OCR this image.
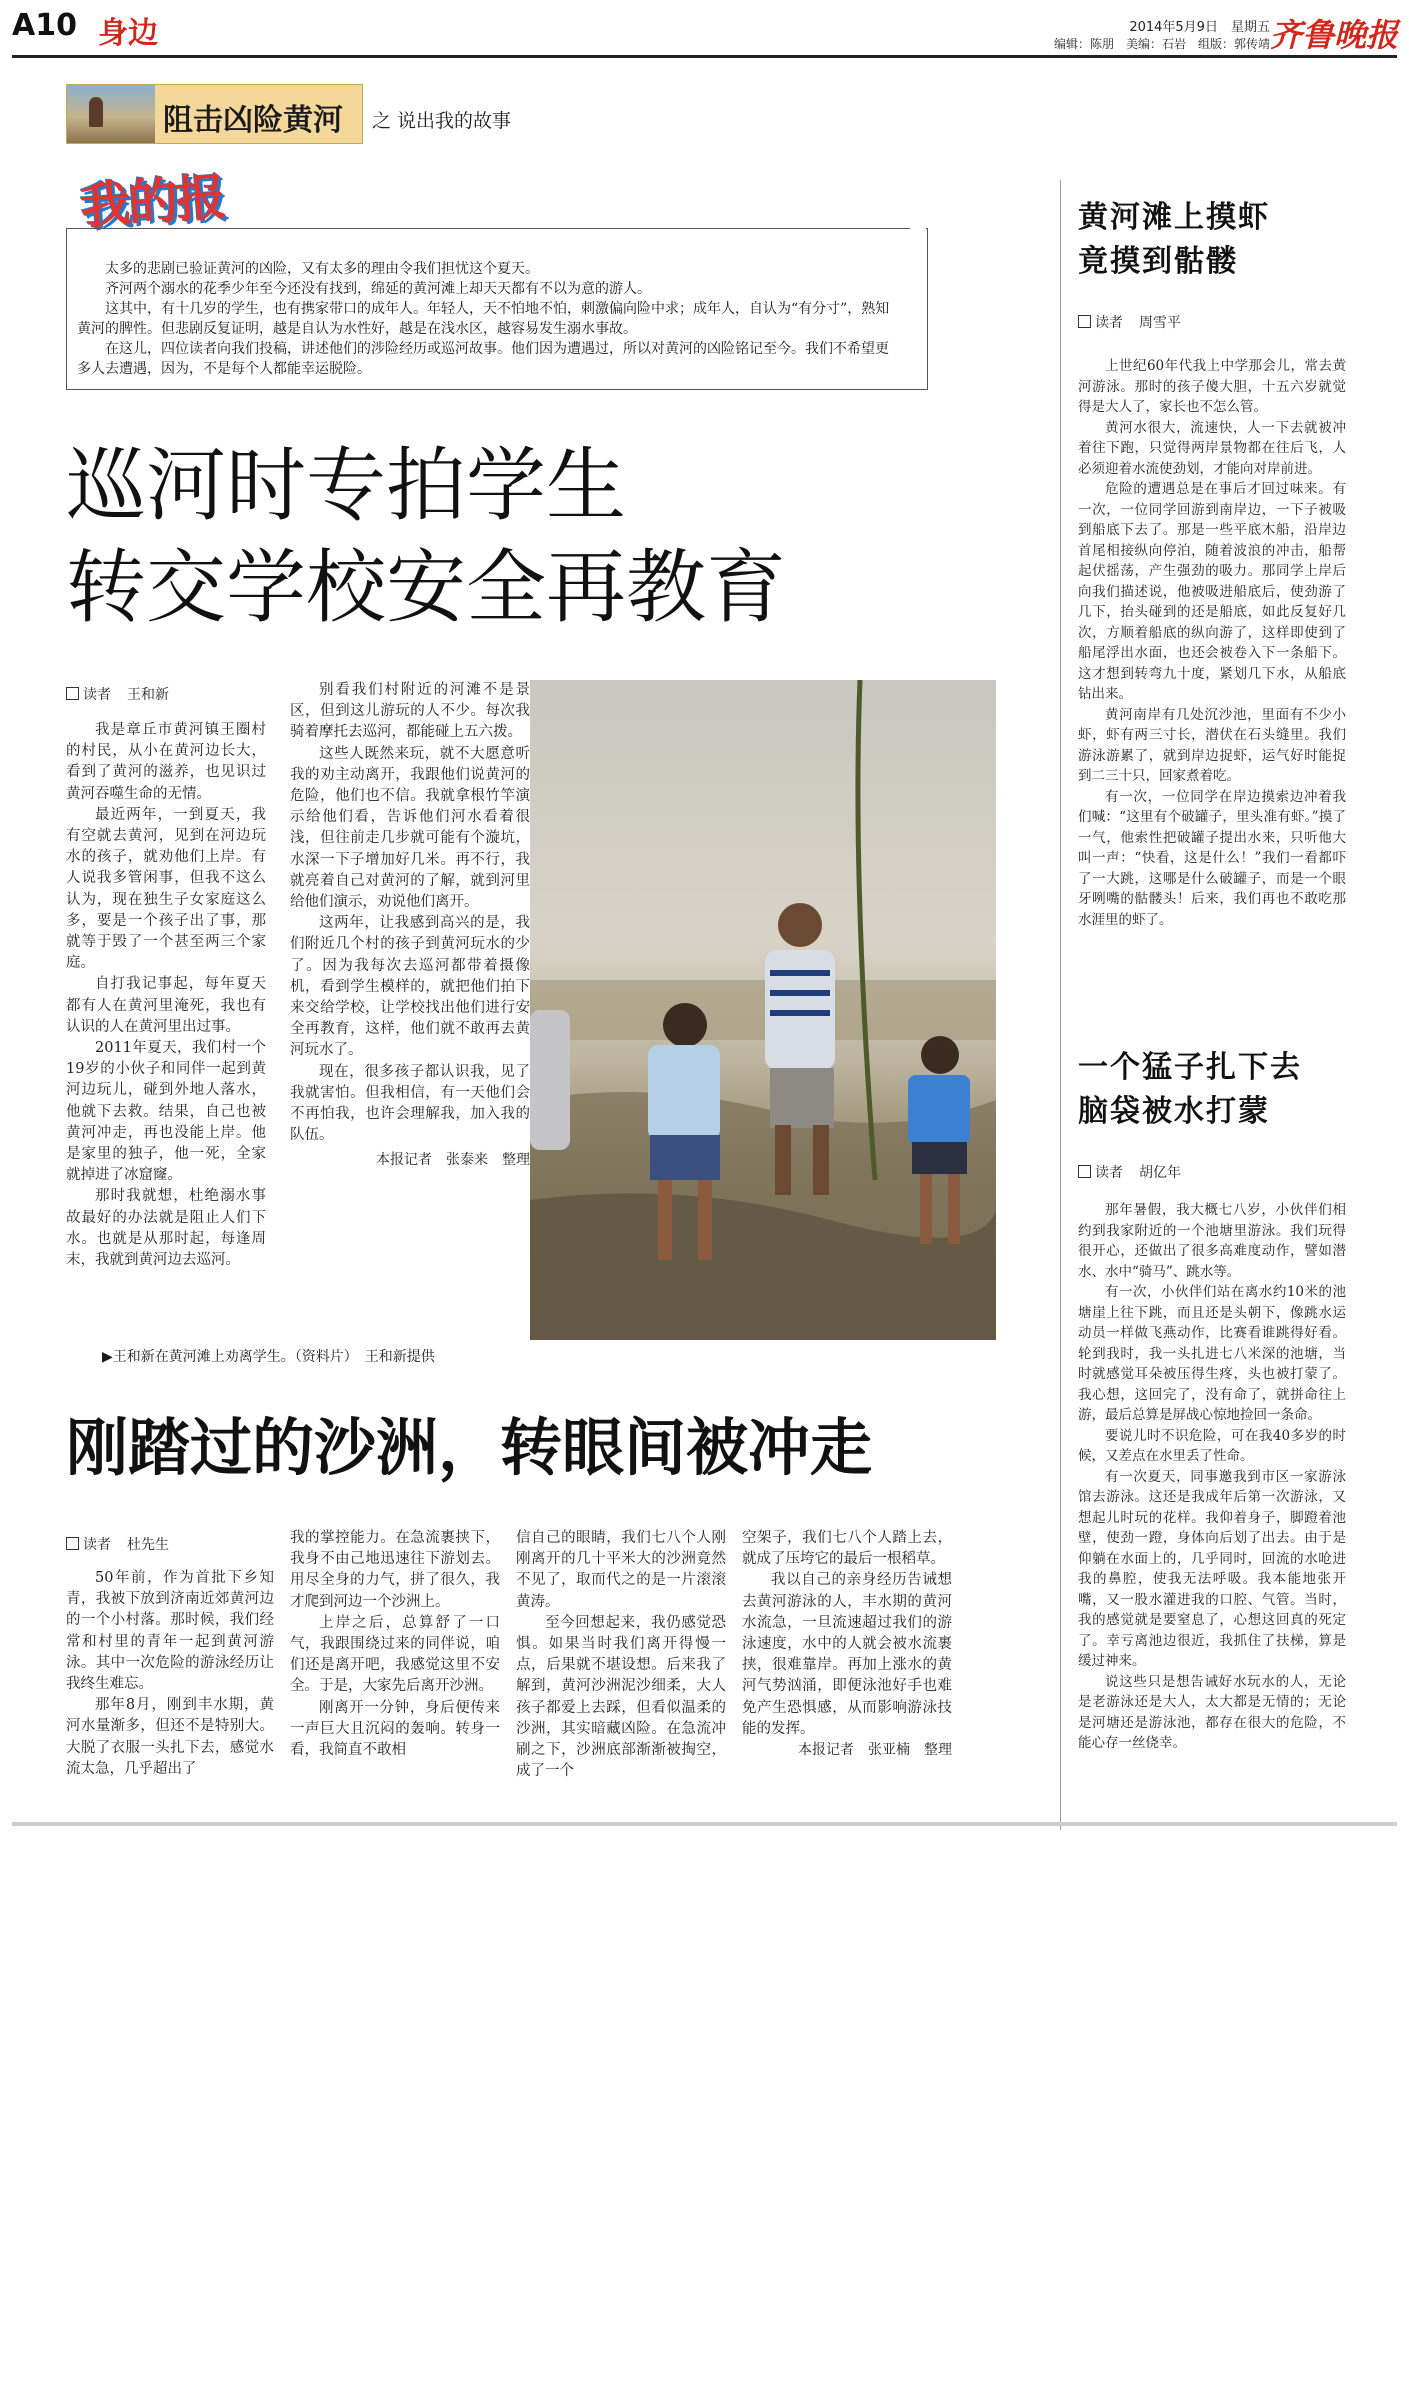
A10 身边	2014年5月9日　 星期五
编辑：陈朋　美编：石岩　组版：郭传靖 齐鲁晚报
阻击凶险黄河 之 说出我的故事
我的报

太多的悲剧已验证黄河的凶险，又有太多的理由令我们担忧这个夏天。

齐河两个溺水的花季少年至今还没有找到，绵延的黄河滩上却天天都有不以为意的游人。

这其中，有十几岁的学生，也有携家带口的成年人。年轻人，天不怕地不怕，刺激偏向险中求；成年人，自认为“有分寸”，熟知黄河的脾性。但悲剧反复证明，越是自认为水性好，越是在浅水区，越容易发生溺水事故。

在这儿，四位读者向我们投稿，讲述他们的涉险经历或巡河故事。他们因为遭遇过，所以对黄河的凶险铭记至今。我们不希望更多人去遭遇，因为，不是每个人都能幸运脱险。

巡河时专拍学生
转交学校安全再教育
读者 王和新

我是章丘市黄河镇王圈村的村民，从小在黄河边长大，看到了黄河的滋养，也见识过黄河吞噬生命的无情。

最近两年，一到夏天，我有空就去黄河，见到在河边玩水的孩子，就劝他们上岸。有人说我多管闲事，但我不这么认为，现在独生子女家庭这么多，要是一个孩子出了事，那就等于毁了一个甚至两三个家庭。

自打我记事起，每年夏天都有人在黄河里淹死，我也有认识的人在黄河里出过事。

2011年夏天，我们村一个19岁的小伙子和同伴一起到黄河边玩儿，碰到外地人落水，他就下去救。结果，自己也被黄河冲走，再也没能上岸。他是家里的独子，他一死，全家就掉进了冰窟窿。

那时我就想，杜绝溺水事故最好的办法就是阻止人们下水。也就是从那时起，每逢周末，我就到黄河边去巡河。

别看我们村附近的河滩不是景区，但到这儿游玩的人不少。每次我骑着摩托去巡河，都能碰上五六拨。

这些人既然来玩，就不大愿意听我的劝主动离开，我跟他们说黄河的危险，他们也不信。我就拿根竹竿演示给他们看，告诉他们河水看着很浅，但往前走几步就可能有个漩坑，水深一下子增加好几米。再不行，我就亮着自己对黄河的了解，就到河里给他们演示，劝说他们离开。

这两年，让我感到高兴的是，我们附近几个村的孩子到黄河玩水的少了。因为我每次去巡河都带着摄像机，看到学生模样的，就把他们拍下来交给学校，让学校找出他们进行安全再教育，这样，他们就不敢再去黄河玩水了。

现在，很多孩子都认识我，见了我就害怕。但我相信，有一天他们会不再怕我，也许会理解我，加入我的队伍。

本报记者　张泰来　整理
▶王和新在黄河滩上劝离学生。（资料片）　王和新提供
刚踏过的沙洲，转眼间被冲走
读者 杜先生

50年前，作为首批下乡知青，我被下放到济南近郊黄河边的一个小村落。那时候，我们经常和村里的青年一起到黄河游泳。其中一次危险的游泳经历让我终生难忘。

那年8月，刚到丰水期，黄河水量渐多，但还不是特别大。大脱了衣服一头扎下去，感觉水流太急，几乎超出了

我的掌控能力。在急流裹挟下，我身不由己地迅速往下游划去。用尽全身的力气，拼了很久，我才爬到河边一个沙洲上。

上岸之后，总算舒了一口气，我跟围绕过来的同伴说，咱们还是离开吧，我感觉这里不安全。于是，大家先后离开沙洲。

刚离开一分钟，身后便传来一声巨大且沉闷的轰响。转身一看，我简直不敢相

信自己的眼睛，我们七八个人刚刚离开的几十平米大的沙洲竟然不见了，取而代之的是一片滚滚黄涛。

至今回想起来，我仍感觉恐惧。如果当时我们离开得慢一点，后果就不堪设想。后来我了解到，黄河沙洲泥沙细柔，大人孩子都爱上去踩，但看似温柔的沙洲，其实暗藏凶险。在急流冲刷之下，沙洲底部渐渐被掏空，成了一个

空架子，我们七八个人踏上去，就成了压垮它的最后一根稻草。

我以自己的亲身经历告诫想去黄河游泳的人，丰水期的黄河水流急，一旦流速超过我们的游泳速度，水中的人就会被水流裹挟，很难靠岸。再加上涨水的黄河气势汹涌，即便泳池好手也难免产生恐惧感，从而影响游泳技能的发挥。

本报记者　张亚楠　整理
黄河滩上摸虾
竟摸到骷髅
读者 周雪平

上世纪60年代我上中学那会儿，常去黄河游泳。那时的孩子傻大胆，十五六岁就觉得是大人了，家长也不怎么管。

黄河水很大，流速快，人一下去就被冲着往下跑，只觉得两岸景物都在往后飞，人必须迎着水流使劲划，才能向对岸前进。

危险的遭遇总是在事后才回过味来。有一次，一位同学回游到南岸边，一下子被吸到船底下去了。那是一些平底木船，沿岸边首尾相接纵向停泊，随着波浪的冲击，船帮起伏摇荡，产生强劲的吸力。那同学上岸后向我们描述说，他被吸进船底后，使劲游了几下，抬头碰到的还是船底，如此反复好几次，方顺着船底的纵向游了，这样即使到了船尾浮出水面，也还会被卷入下一条船下。这才想到转弯九十度，紧划几下水，从船底钻出来。

黄河南岸有几处沉沙池，里面有不少小虾，虾有两三寸长，潜伏在石头缝里。我们游泳游累了，就到岸边捉虾，运气好时能捉到二三十只，回家煮着吃。

有一次，一位同学在岸边摸索边冲着我们喊：“这里有个破罐子，里头准有虾。”摸了一气，他索性把破罐子提出水来，只听他大叫一声：“快看，这是什么！”我们一看都吓了一大跳，这哪是什么破罐子，而是一个眼牙咧嘴的骷髅头！后来，我们再也不敢吃那水涯里的虾了。

一个猛子扎下去
脑袋被水打蒙
读者 胡亿年

那年暑假，我大概七八岁，小伙伴们相约到我家附近的一个池塘里游泳。我们玩得很开心，还做出了很多高难度动作，譬如潜水、水中“骑马”、跳水等。

有一次，小伙伴们站在离水约10米的池塘崖上往下跳，而且还是头朝下，像跳水运动员一样做飞燕动作，比赛看谁跳得好看。轮到我时，我一头扎进七八米深的池塘，当时就感觉耳朵被压得生疼，头也被打蒙了。我心想，这回完了，没有命了，就拼命往上游，最后总算是屏战心惊地捡回一条命。

要说儿时不识危险，可在我40多岁的时候，又差点在水里丢了性命。

有一次夏天，同事邀我到市区一家游泳馆去游泳。这还是我成年后第一次游泳，又想起儿时玩的花样。我仰着身子，脚蹬着池壁，使劲一蹬，身体向后划了出去。由于是仰躺在水面上的，几乎同时，回流的水呛进我的鼻腔，使我无法呼吸。我本能地张开嘴，又一股水灌进我的口腔、气管。当时，我的感觉就是要窒息了，心想这回真的死定了。幸亏离池边很近，我抓住了扶梯，算是缓过神来。

说这些只是想告诫好水玩水的人，无论是老游泳还是大人，太大都是无情的；无论是河塘还是游泳池，都存在很大的危险，不能心存一丝侥幸。
